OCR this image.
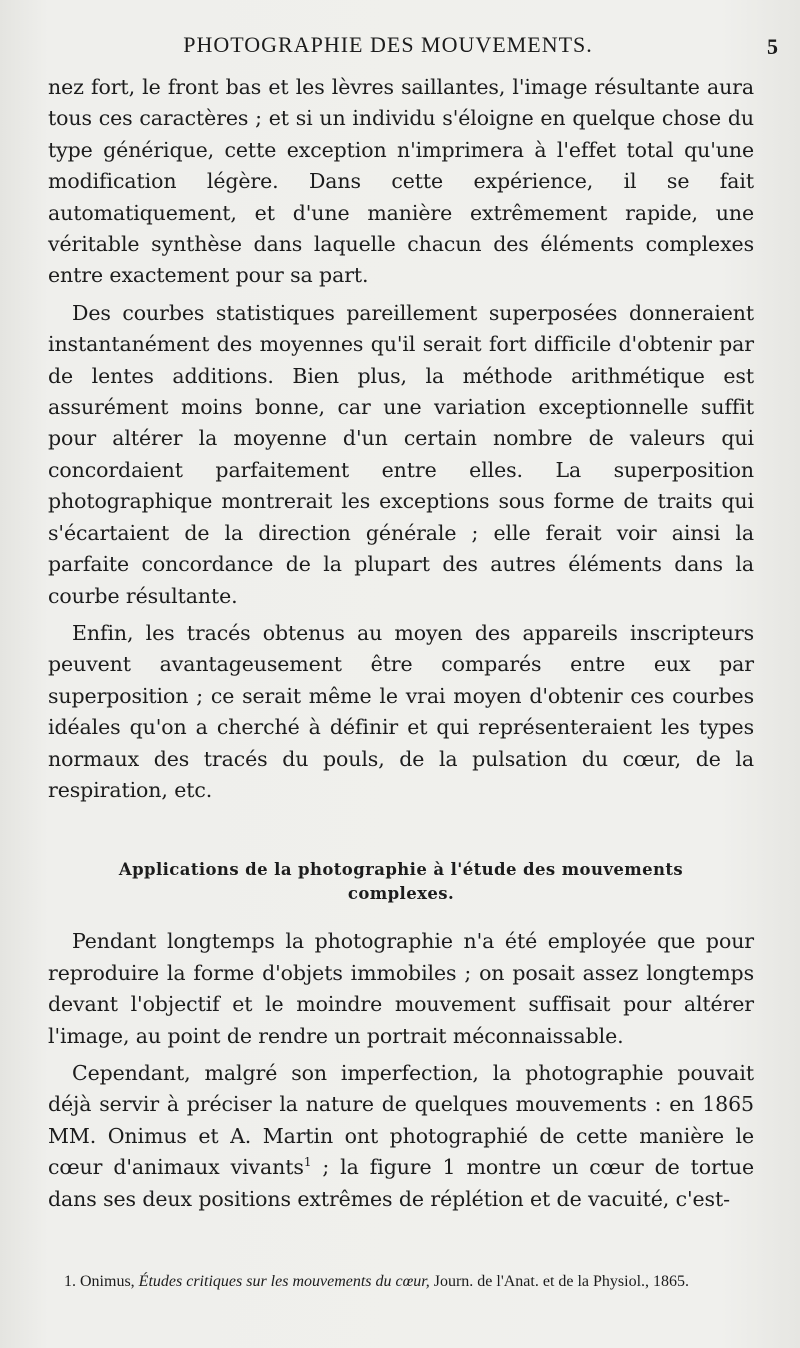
PHOTOGRAPHIE DES MOUVEMENTS.	5

nez fort, le front bas et les lèvres saillantes, l'image résultante aura tous ces caractères ; et si un individu s'éloigne en quelque chose du type générique, cette exception n'imprimera à l'effet total qu'une modification légère. Dans cette expérience, il se fait automatiquement, et d'une manière extrêmement rapide, une véritable synthèse dans laquelle chacun des éléments complexes entre exactement pour sa part.

Des courbes statistiques pareillement superposées donneraient instantanément des moyennes qu'il serait fort difficile d'obtenir par de lentes additions. Bien plus, la méthode arithmétique est assurément moins bonne, car une variation exceptionnelle suffit pour altérer la moyenne d'un certain nombre de valeurs qui concordaient parfaitement entre elles. La superposition photographique montrerait les exceptions sous forme de traits qui s'écartaient de la direction générale ; elle ferait voir ainsi la parfaite concordance de la plupart des autres éléments dans la courbe résultante.

Enfin, les tracés obtenus au moyen des appareils inscripteurs peuvent avantageusement être comparés entre eux par superposition ; ce serait même le vrai moyen d'obtenir ces courbes idéales qu'on a cherché à définir et qui représenteraient les types normaux des tracés du pouls, de la pulsation du cœur, de la respiration, etc.

Applications de la photographie à l'étude des mouvements
complexes.

Pendant longtemps la photographie n'a été employée que pour reproduire la forme d'objets immobiles ; on posait assez longtemps devant l'objectif et le moindre mouvement suffisait pour altérer l'image, au point de rendre un portrait méconnaissable.

Cependant, malgré son imperfection, la photographie pouvait déjà servir à préciser la nature de quelques mouvements : en 1865 MM. Onimus et A. Martin ont photographié de cette manière le cœur d'animaux vivants$^1$ ; la figure 1 montre un cœur de tortue dans ses deux positions extrêmes de réplétion et de vacuité, c'est-

1. Onimus, Études critiques sur les mouvements du cœur, Journ. de l'Anat. et de la Physiol., 1865.
